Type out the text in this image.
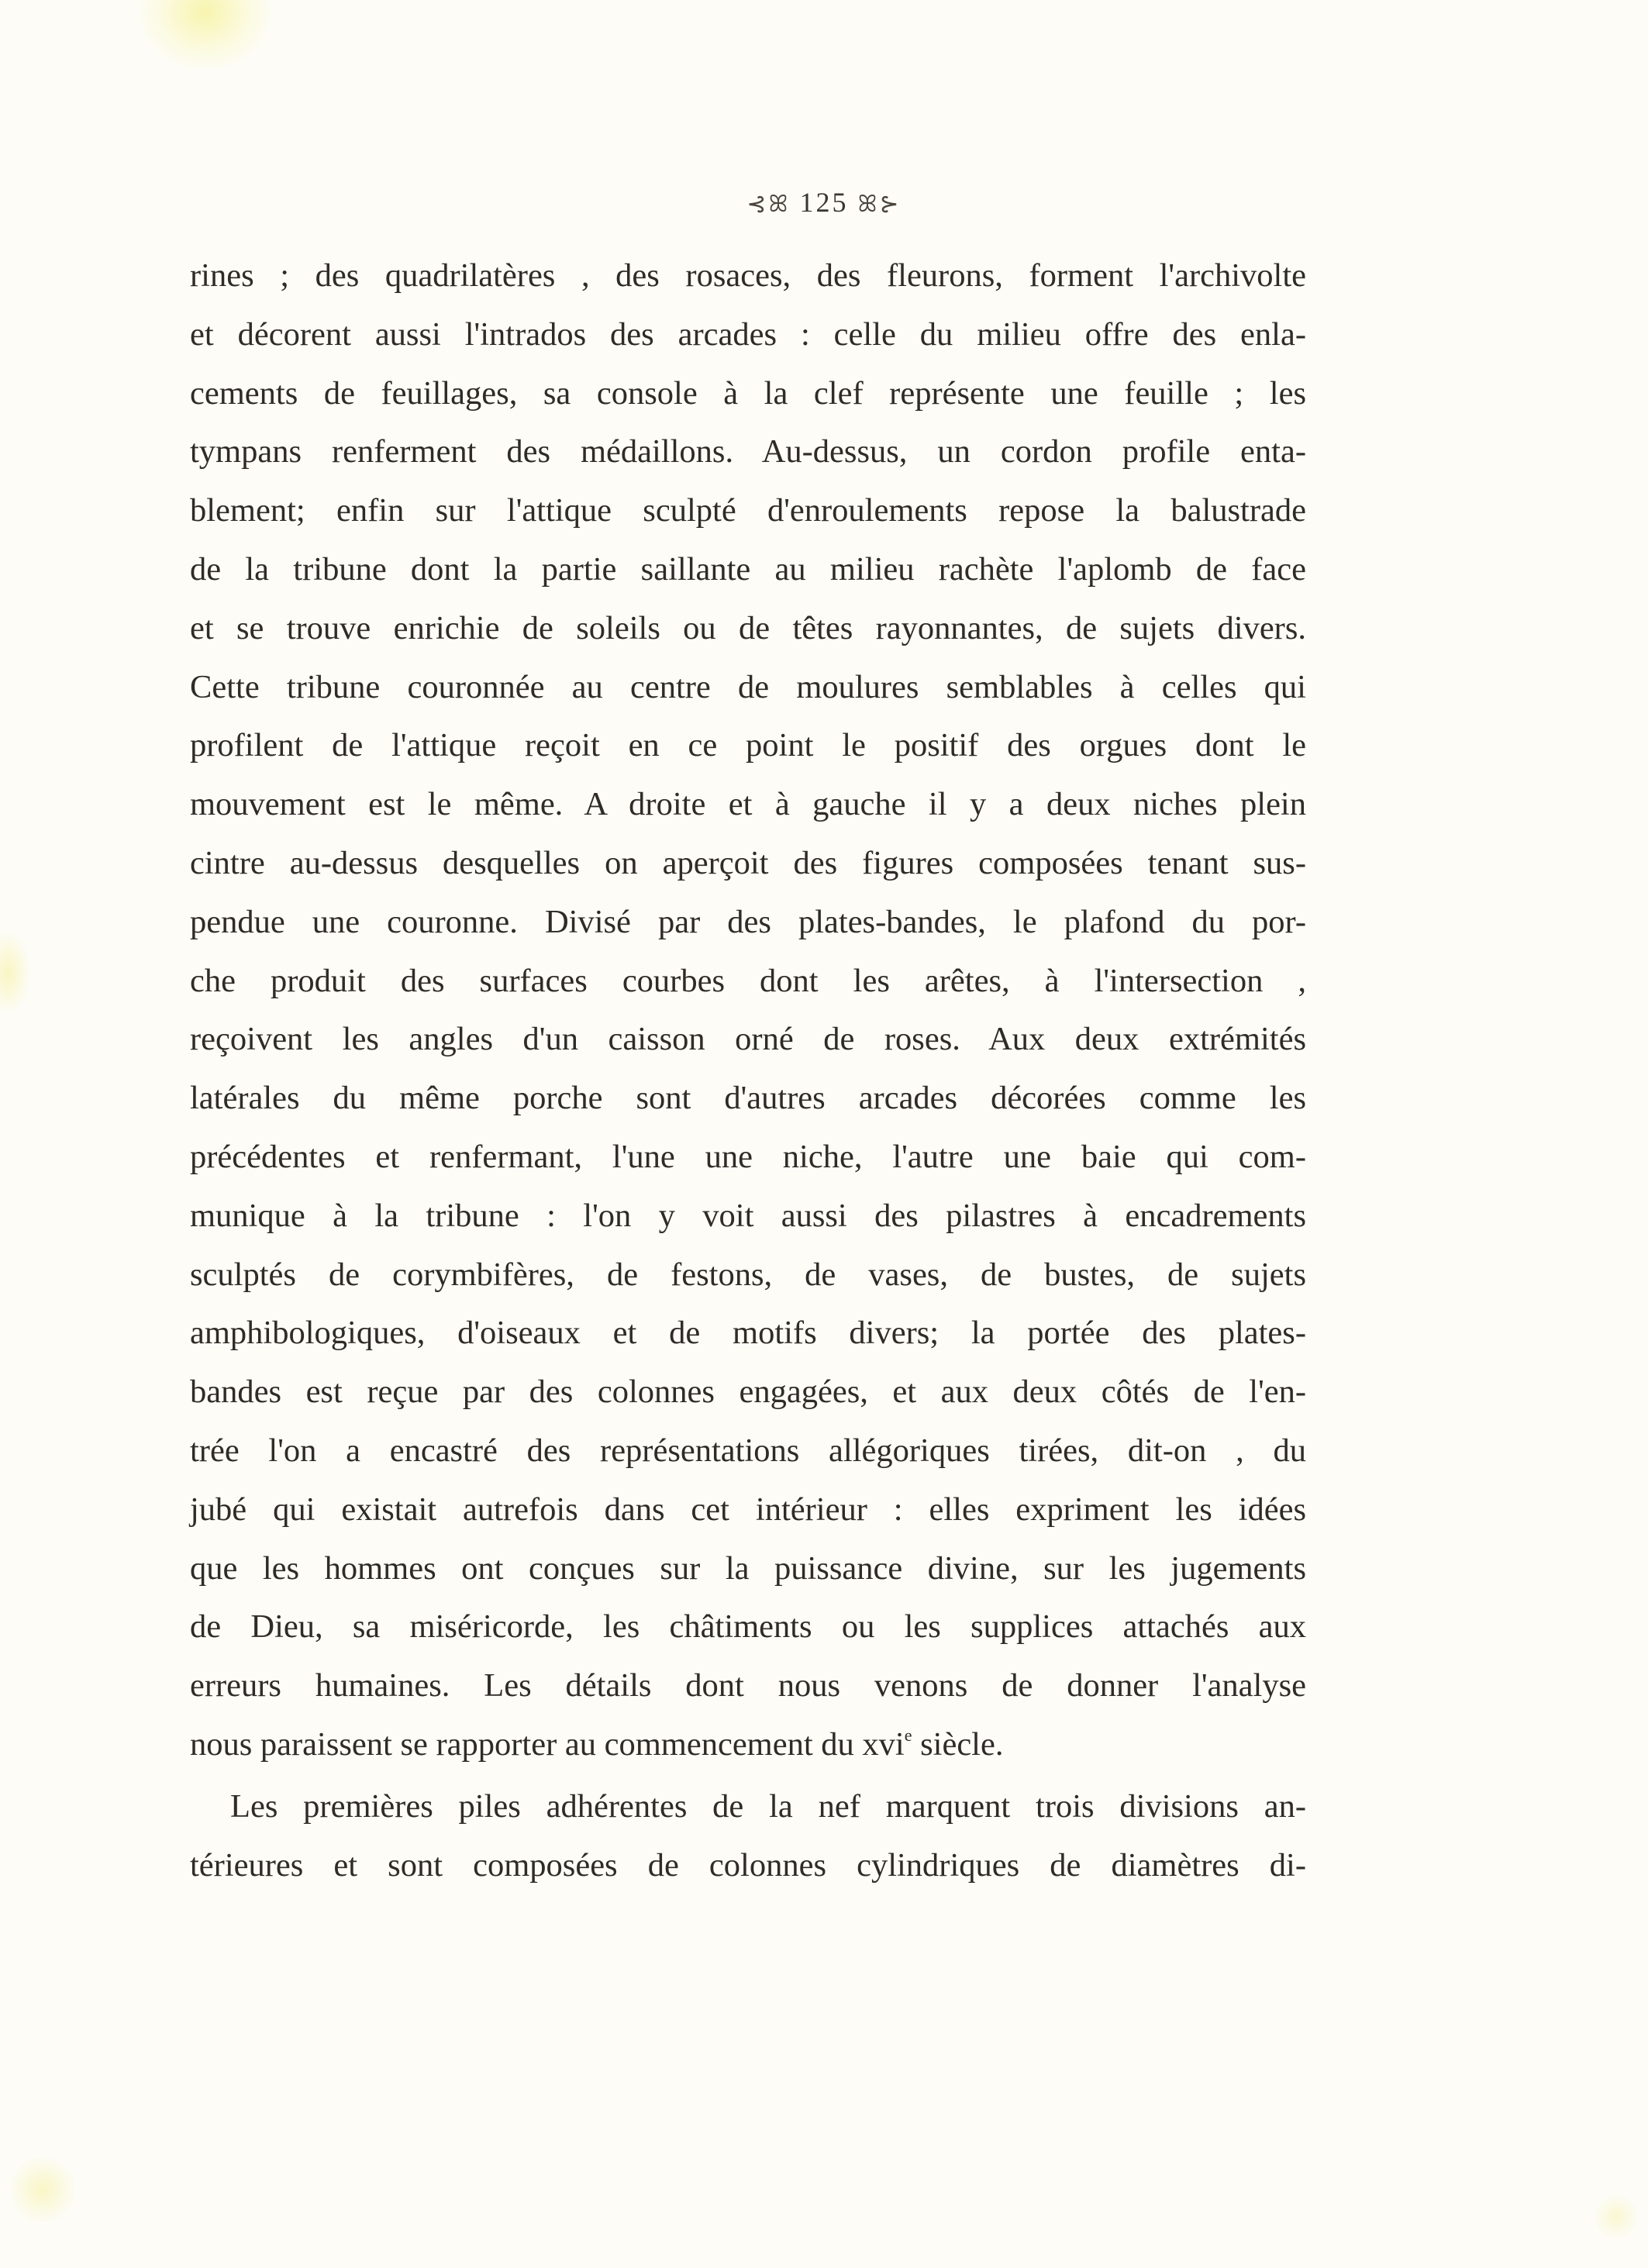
⊰ꕤ 125 ꕤ⊱
rines ; des quadrilatères , des rosaces, des fleurons, forment l'archivolte
et décorent aussi l'intrados des arcades : celle du milieu offre des enla-
cements de feuillages, sa console à la clef représente une feuille ; les
tympans renferment des médaillons. Au-dessus, un cordon profile enta-
blement; enfin sur l'attique sculpté d'enroulements repose la balustrade
de la tribune dont la partie saillante au milieu rachète l'aplomb de face
et se trouve enrichie de soleils ou de têtes rayonnantes, de sujets divers.
Cette tribune couronnée au centre de moulures semblables à celles qui
profilent de l'attique reçoit en ce point le positif des orgues dont le
mouvement est le même. A droite et à gauche il y a deux niches plein
cintre au-dessus desquelles on aperçoit des figures composées tenant sus-
pendue une couronne. Divisé par des plates-bandes, le plafond du por-
che produit des surfaces courbes dont les arêtes, à l'intersection ,
reçoivent les angles d'un caisson orné de roses. Aux deux extrémités
latérales du même porche sont d'autres arcades décorées comme les
précédentes et renfermant, l'une une niche, l'autre une baie qui com-
munique à la tribune : l'on y voit aussi des pilastres à encadrements
sculptés de corymbifères, de festons, de vases, de bustes, de sujets
amphibologiques, d'oiseaux et de motifs divers; la portée des plates-
bandes est reçue par des colonnes engagées, et aux deux côtés de l'en-
trée l'on a encastré des représentations allégoriques tirées, dit-on , du
jubé qui existait autrefois dans cet intérieur : elles expriment les idées
que les hommes ont conçues sur la puissance divine, sur les jugements
de Dieu, sa miséricorde, les châtiments ou les supplices attachés aux
erreurs humaines. Les détails dont nous venons de donner l'analyse
nous paraissent se rapporter au commencement du xvi$^e$ siècle.
Les premières piles adhérentes de la nef marquent trois divisions an-
térieures et sont composées de colonnes cylindriques de diamètres di-
